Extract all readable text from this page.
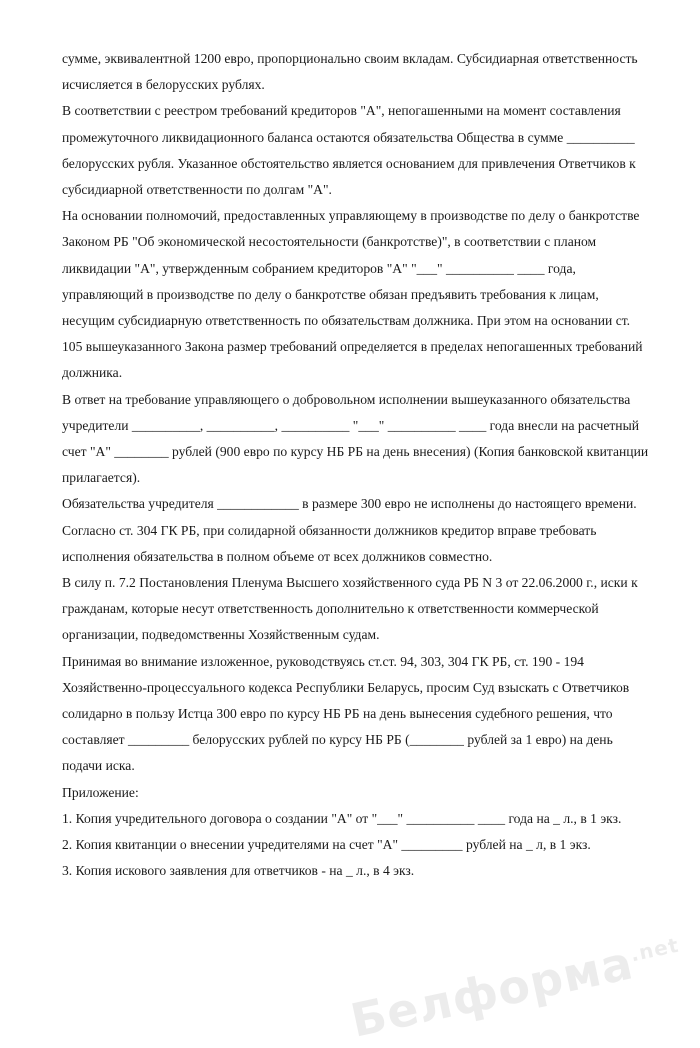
сумме, эквивалентной 1200 евро, пропорционально своим вкладам. Субсидиарная ответственность
исчисляется в белорусских рублях.
В соответствии с реестром требований кредиторов "А", непогашенными на момент составления
промежуточного ликвидационного баланса остаются обязательства Общества в сумме __________
белорусских рубля. Указанное обстоятельство является основанием для привлечения Ответчиков к
субсидиарной ответственности по долгам "А".
На основании полномочий, предоставленных управляющему в производстве по делу о банкротстве
Законом РБ "Об экономической несостоятельности (банкротстве)", в соответствии с планом
ликвидации "А", утвержденным собранием кредиторов "А" "___" __________ ____ года,
управляющий в производстве по делу о банкротстве обязан предъявить требования к лицам,
несущим субсидиарную ответственность по обязательствам должника. При этом на основании ст.
105 вышеуказанного Закона размер требований определяется в пределах непогашенных требований
должника.
В ответ на требование управляющего о добровольном исполнении вышеуказанного обязательства
учредители __________, __________, __________ "___" __________ ____ года внесли на расчетный
счет "А" ________ рублей (900 евро по курсу НБ РБ на день внесения) (Копия банковской квитанции
прилагается).
Обязательства учредителя ____________ в размере 300 евро не исполнены до настоящего времени.
Согласно ст. 304 ГК РБ, при солидарной обязанности должников кредитор вправе требовать
исполнения обязательства в полном объеме от всех должников совместно.
В силу п. 7.2 Постановления Пленума Высшего хозяйственного суда РБ N 3 от 22.06.2000 г., иски к
гражданам, которые несут ответственность дополнительно к ответственности коммерческой
организации, подведомственны Хозяйственным судам.
Принимая во внимание изложенное, руководствуясь ст.ст. 94, 303, 304 ГК РБ, ст. 190 - 194
Хозяйственно-процессуального кодекса Республики Беларусь, просим Суд взыскать с Ответчиков
солидарно в пользу Истца 300 евро по курсу НБ РБ на день вынесения судебного решения, что
составляет _________ белорусских рублей по курсу НБ РБ (________ рублей за 1 евро) на день
подачи иска.
Приложение:
1. Копия учредительного договора о создании "А" от "___" __________ ____ года на _ л., в 1 экз.
2. Копия квитанции о внесении учредителями на счет "А" _________ рублей на _ л, в 1 экз.
3. Копия искового заявления для ответчиков - на _ л., в 4 экз.
Белформа$^{.net}$
